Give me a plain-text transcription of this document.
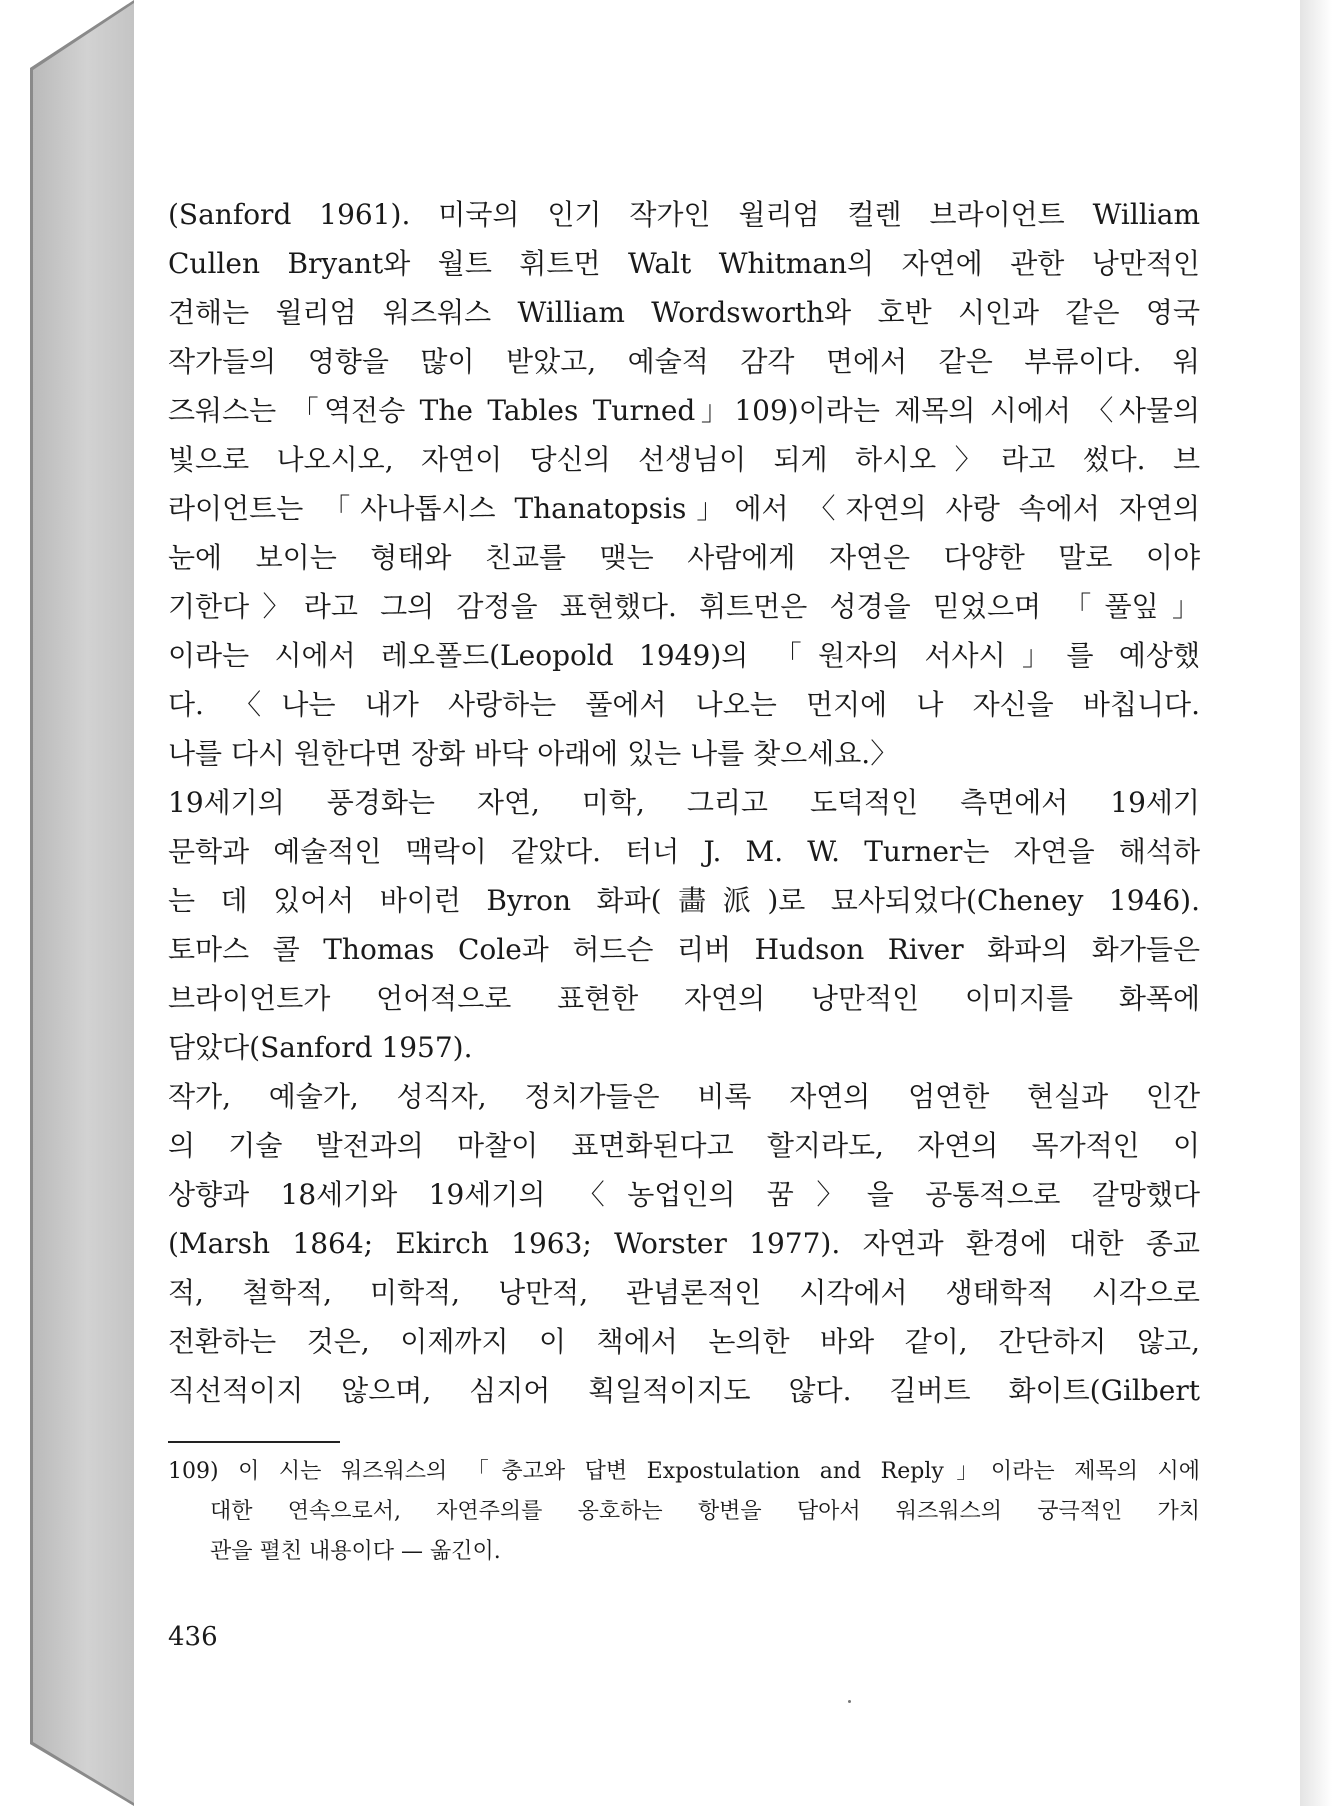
(Sanford 1961). 미국의 인기 작가인 윌리엄 컬렌 브라이언트 William
Cullen Bryant와 월트 휘트먼 Walt Whitman의 자연에 관한 낭만적인
견해는 윌리엄 워즈워스 William Wordsworth와 호반 시인과 같은 영국
작가들의 영향을 많이 받았고, 예술적 감각 면에서 같은 부류이다. 워
즈워스는 「역전승 The Tables Turned」109)이라는 제목의 시에서 〈사물의
빛으로 나오시오, 자연이 당신의 선생님이 되게 하시오〉라고 썼다. 브
라이언트는 「사나톱시스 Thanatopsis」에서 〈자연의 사랑 속에서 자연의
눈에 보이는 형태와 친교를 맺는 사람에게 자연은 다양한 말로 이야
기한다〉라고 그의 감정을 표현했다. 휘트먼은 성경을 믿었으며 「풀잎」
이라는 시에서 레오폴드(Leopold 1949)의 「원자의 서사시」를 예상했
다. 〈나는 내가 사랑하는 풀에서 나오는 먼지에 나 자신을 바칩니다.
나를 다시 원한다면 장화 바닥 아래에 있는 나를 찾으세요.〉
19세기의 풍경화는 자연, 미학, 그리고 도덕적인 측면에서 19세기
문학과 예술적인 맥락이 같았다. 터너 J. M. W. Turner는 자연을 해석하
는 데 있어서 바이런 Byron 화파(畵派)로 묘사되었다(Cheney 1946).
토마스 콜 Thomas Cole과 허드슨 리버 Hudson River 화파의 화가들은
브라이언트가 언어적으로 표현한 자연의 낭만적인 이미지를 화폭에
담았다(Sanford 1957).
작가, 예술가, 성직자, 정치가들은 비록 자연의 엄연한 현실과 인간
의 기술 발전과의 마찰이 표면화된다고 할지라도, 자연의 목가적인 이
상향과 18세기와 19세기의 〈농업인의 꿈〉을 공통적으로 갈망했다
(Marsh 1864; Ekirch 1963; Worster 1977). 자연과 환경에 대한 종교
적, 철학적, 미학적, 낭만적, 관념론적인 시각에서 생태학적 시각으로
전환하는 것은, 이제까지 이 책에서 논의한 바와 같이, 간단하지 않고,
직선적이지 않으며, 심지어 획일적이지도 않다. 길버트 화이트(Gilbert
109) 이 시는 워즈워스의 「충고와 답변 Expostulation and Reply」이라는 제목의 시에
대한 연속으로서, 자연주의를 옹호하는 항변을 담아서 워즈워스의 궁극적인 가치
관을 펼친 내용이다 — 옮긴이.
436
